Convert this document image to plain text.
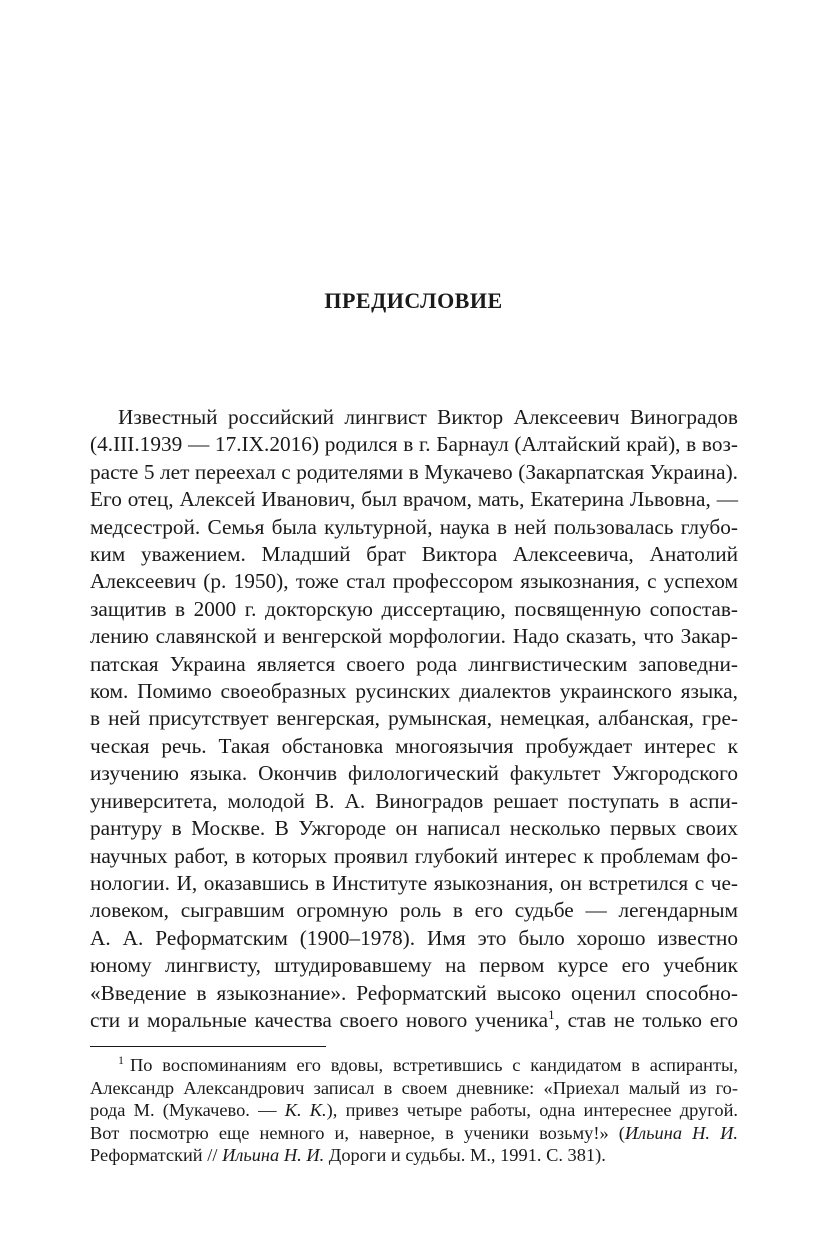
ПРЕДИСЛОВИЕ
Известный российский лингвист Виктор Алексеевич Виноградов
(4.III.1939 — 17.IX.2016) родился в г. Барнаул (Алтайский край), в воз-
расте 5 лет переехал с родителями в Мукачево (Закарпатская Украина).
Его отец, Алексей Иванович, был врачом, мать, Екатерина Львовна, —
медсестрой. Семья была культурной, наука в ней пользовалась глубо-
ким уважением. Младший брат Виктора Алексеевича, Анатолий
Алексеевич (р. 1950), тоже стал профессором языкознания, с успехом
защитив в 2000 г. докторскую диссертацию, посвященную сопостав-
лению славянской и венгерской морфологии. Надо сказать, что Закар-
патская Украина является своего рода лингвистическим заповедни-
ком. Помимо своеобразных русинских диалектов украинского языка,
в ней присутствует венгерская, румынская, немецкая, албанская, гре-
ческая речь. Такая обстановка многоязычия пробуждает интерес к
изучению языка. Окончив филологический факультет Ужгородского
университета, молодой В. А. Виноградов решает поступать в аспи-
рантуру в Москве. В Ужгороде он написал несколько первых своих
научных работ, в которых проявил глубокий интерес к проблемам фо-
нологии. И, оказавшись в Институте языкознания, он встретился с че-
ловеком, сыгравшим огромную роль в его судьбе — легендарным
А. А. Реформатским (1900–1978). Имя это было хорошо известно
юному лингвисту, штудировавшему на первом курсе его учебник
«Введение в языкознание». Реформатский высоко оценил способно-
сти и моральные качества своего нового ученика$^1$, став не только его
$^1$ По воспоминаниям его вдовы, встретившись с кандидатом в аспиранты,
Александр Александрович записал в своем дневнике: «Приехал малый из го-
рода М. (Мукачево. — К. К.), привез четыре работы, одна интереснее другой.
Вот посмотрю еще немного и, наверное, в ученики возьму!» (Ильина Н. И.
Реформатский // Ильина Н. И. Дороги и судьбы. М., 1991. С. 381).
